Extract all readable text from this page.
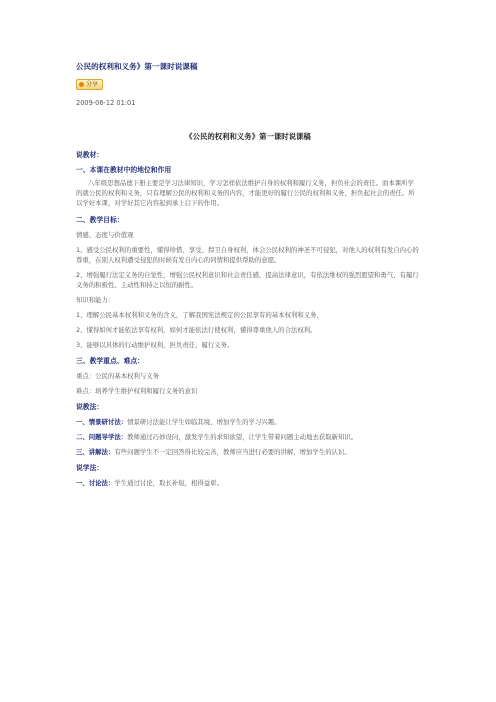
公民的权利和义务》第一课时说课稿
分享
2009-06-12 01:01
《公民的权利和义务》第一课时说课稿
说教材：
一、本课在教材中的地位和作用
八年级思想品德下册主要是学习法律知识，学习怎样依法维护自身的权利和履行义务，担负社会的责任。而本课所学的就公民的权利和义务，只有理解公民的权利和义务的内容，才能更好的履行公民的权利和义务，担负起社会的责任。所以学好本课，对学好其它内容起到承上启下的作用。
二、教学目标：
情感、态度与价值观
1、感受公民权利的重要性，懂得珍惜、享受、捍卫自身权利，体会公民权利的神圣不可侵犯，对他人的权利有发自内心的尊重，在别人权利遭受侵犯的时候有发自内心的同情和提供帮助的意愿。
2、增强履行法定义务的自觉性，增强公民权利意识和社会责任感，提高法律意识，有依法维权的强烈愿望和勇气，有履行义务的积极性、主动性和持之以恒的耐性。
知识和能力：
1、理解公民基本权利和义务的含义，了解我国宪法规定的公民享有的基本权利和义务，
2、懂得如何才能依法享有权利，如何才能依法行使权利，懂得尊重他人的合法权利。
3、能够以具体的行动维护权利，担负责任，履行义务。
三、教学重点、难点：
重点：公民的基本权利与义务
难点：培养学生维护权利和履行义务的意识
说教法：
一、情景研讨法：情景研讨法能让学生如临其境，增加学生的学习兴趣。
二、问题导学法：教师通过巧妙设问，激发学生的求知欲望，让学生带着问题主动地去获取新知识。
三、讲解法：有些问题学生不一定回答得比较完善，教师应当进行必要的讲解，增加学生的认识。
说学法：
一、讨论法：学生通过讨论，取长补短，相得益彰。
